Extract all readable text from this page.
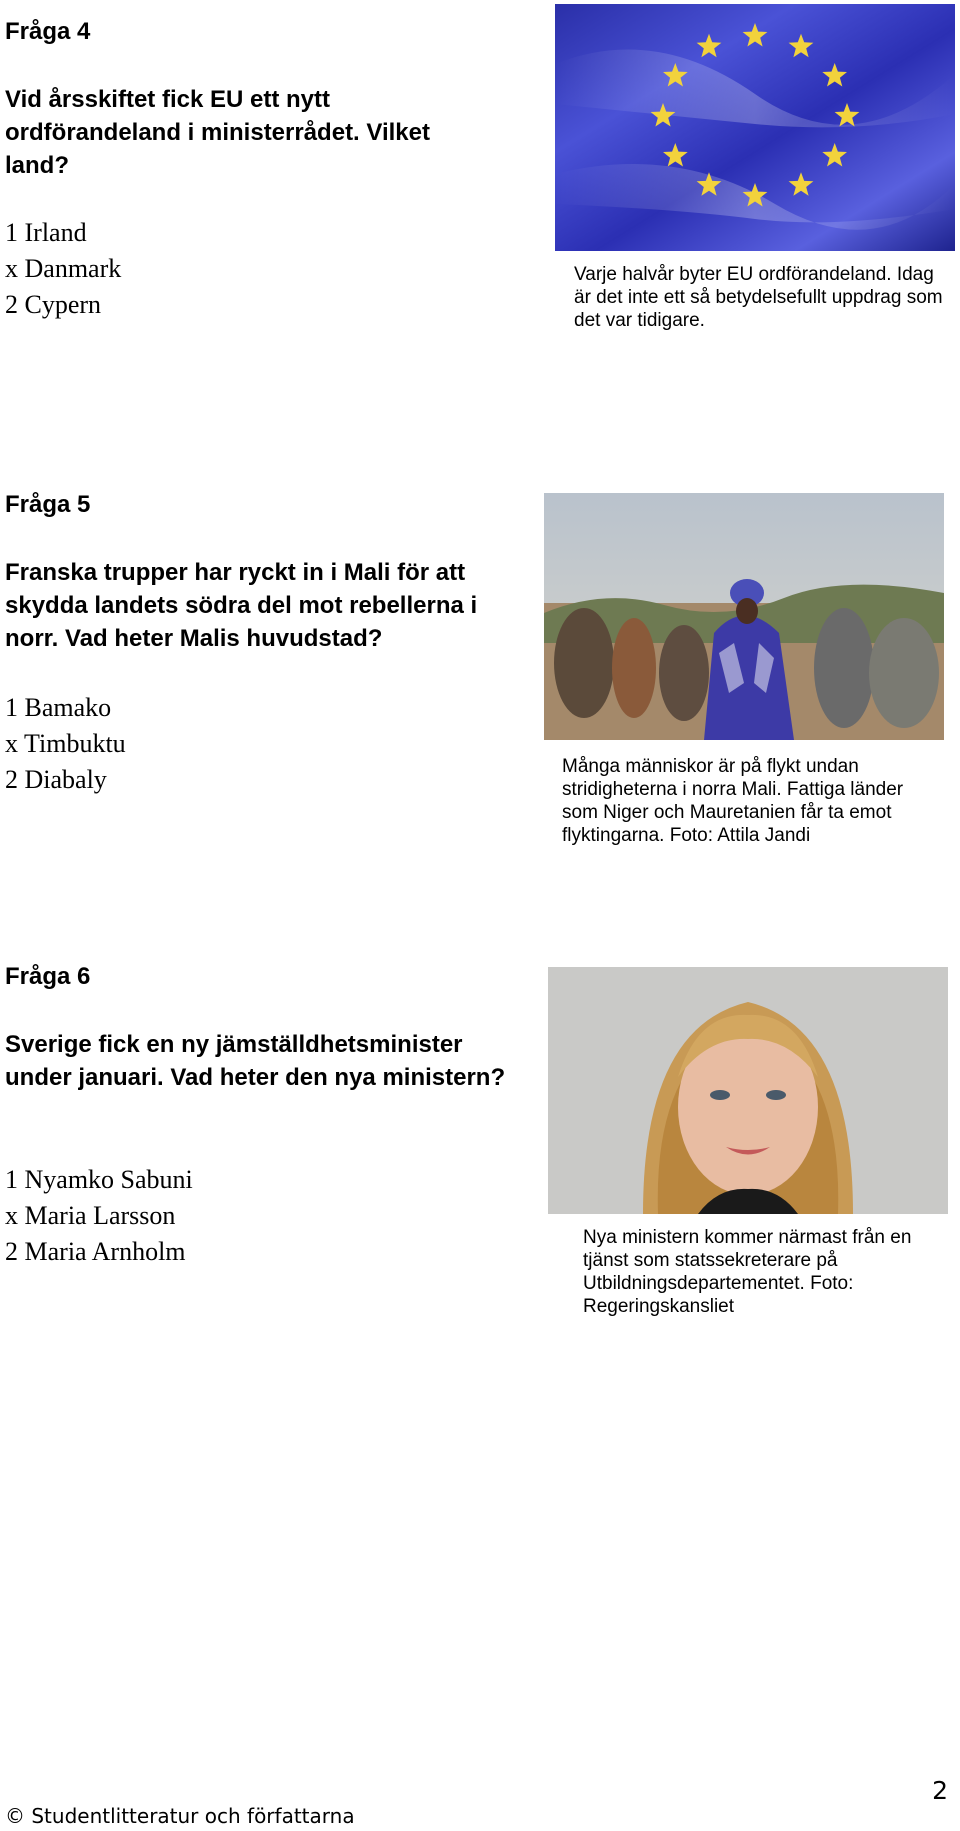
Fråga 4

Vid årsskiftet fick EU ett nytt ordförandeland i ministerrådet. Vilket land?

1 Irland
x Danmark
2 Cypern

Varje halvår byter EU ordförandeland. Idag är det inte ett så betydelsefullt uppdrag som det var tidigare.

Fråga 5

Franska trupper har ryckt in i Mali för att skydda landets södra del mot rebellerna i norr. Vad heter Malis huvudstad?

1 Bamako
x Timbuktu
2 Diabaly	Många människor är på flykt undan stridigheterna i norra Mali. Fattiga länder som Niger och Mauretanien får ta emot flyktingarna. Foto: Attila Jandi

Fråga 6

Sverige fick en ny jämställdhetsminister under januari. Vad heter den nya ministern?

1 Nyamko Sabuni
x Maria Larsson
2 Maria Arnholm	Nya ministern kommer närmast från en tjänst som statssekreterare på Utbildningsdepartementet. Foto: Regeringskansliet

2
© Studentlitteratur och författarna
